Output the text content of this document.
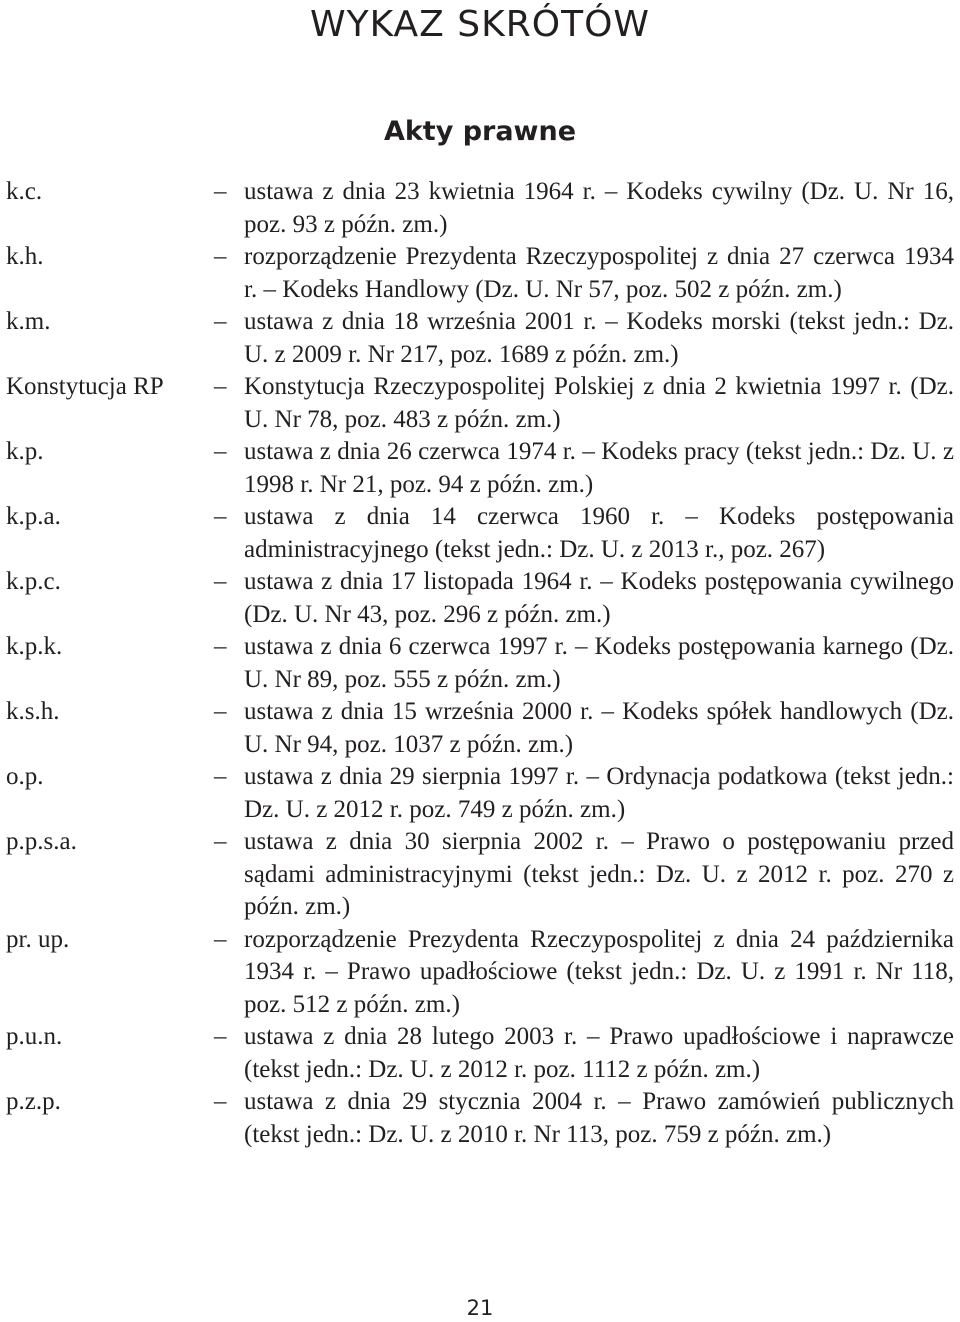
WYKAZ SKRÓTÓW
Akty prawne
k.c.	– ustawa z dnia 23 kwietnia 1964 r. – Kodeks cywilny (Dz. U. Nr 16, poz. 93 z późn. zm.)
k.h.	– rozporządzenie Prezydenta Rzeczypospolitej z dnia 27 czerwca 1934 r. – Kodeks Handlowy (Dz. U. Nr 57, poz. 502 z późn. zm.)
k.m.	– ustawa z dnia 18 września 2001 r. – Kodeks morski (tekst jedn.: Dz. U. z 2009 r. Nr 217, poz. 1689 z późn. zm.)
Konstytucja RP	– Konstytucja Rzeczypospolitej Polskiej z dnia 2 kwietnia 1997 r. (Dz. U. Nr 78, poz. 483 z późn. zm.)
k.p.	– ustawa z dnia 26 czerwca 1974 r. – Kodeks pracy (tekst jedn.: Dz. U. z 1998 r. Nr 21, poz. 94 z późn. zm.)
k.p.a.	– ustawa z dnia 14 czerwca 1960 r. – Kodeks postępowania administracyjnego (tekst jedn.: Dz. U. z 2013 r., poz. 267)
k.p.c.	– ustawa z dnia 17 listopada 1964 r. – Kodeks postępowania cywilnego (Dz. U. Nr 43, poz. 296 z późn. zm.)
k.p.k.	– ustawa z dnia 6 czerwca 1997 r. – Kodeks postępowania karnego (Dz. U. Nr 89, poz. 555 z późn. zm.)
k.s.h.	– ustawa z dnia 15 września 2000 r. – Kodeks spółek handlowych (Dz. U. Nr 94, poz. 1037 z późn. zm.)
o.p.	– ustawa z dnia 29 sierpnia 1997 r. – Ordynacja podatkowa (tekst jedn.: Dz. U. z 2012 r. poz. 749 z późn. zm.)
p.p.s.a.	– ustawa z dnia 30 sierpnia 2002 r. – Prawo o postępowaniu przed sądami administracyjnymi (tekst jedn.: Dz. U. z 2012 r. poz. 270 z późn. zm.)
pr. up.	– rozporządzenie Prezydenta Rzeczypospolitej z dnia 24 października 1934 r. – Prawo upadłościowe (tekst jedn.: Dz. U. z 1991 r. Nr 118, poz. 512 z późn. zm.)
p.u.n.	– ustawa z dnia 28 lutego 2003 r. – Prawo upadłościowe i naprawcze (tekst jedn.: Dz. U. z 2012 r. poz. 1112 z późn. zm.)
p.z.p.	– ustawa z dnia 29 stycznia 2004 r. – Prawo zamówień publicznych (tekst jedn.: Dz. U. z 2010 r. Nr 113, poz. 759 z późn. zm.)
21
